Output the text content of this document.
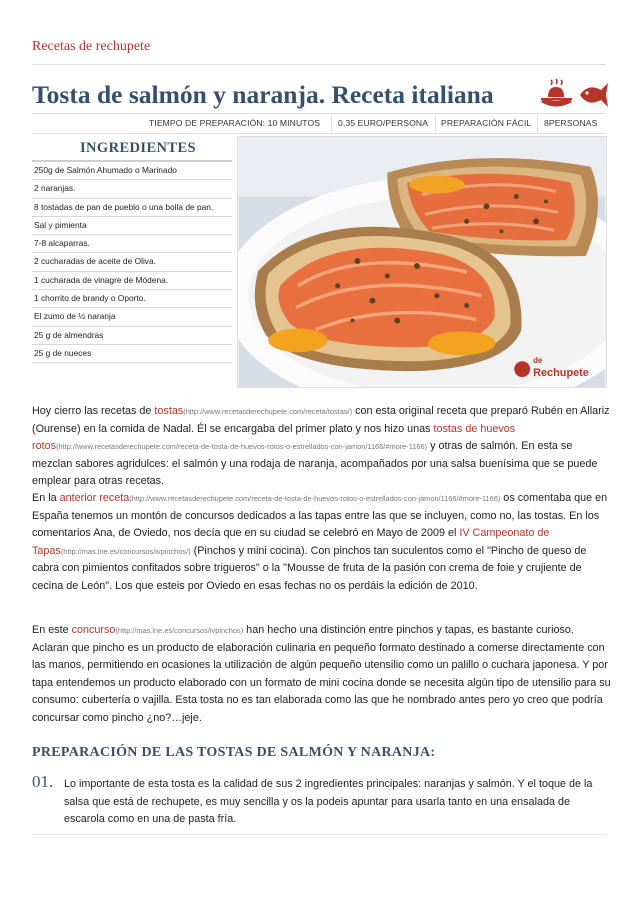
Recetas de rechupete
Tosta de salmón y naranja. Receta italiana
TIEMPO DE PREPARACIÓN: 10 MINUTOS 0,35 EURO/PERSONA PREPARACIÓN FÁCIL 8PERSONAS
INGREDIENTES
250g de Salmón Ahumado o Marinado
2 naranjas.
8 tostadas de pan de pueblo o una bolla de pan.
Sal y pimienta
7-8 alcaparras.
2 cucharadas de aceite de Oliva.
1 cucharada de vinagre de Módena.
1 chorrito de brandy o Oporto.
El zumo de ½ naranja
25 g de almendras
25 g de nueces
de
Rechupete

Hoy cierro las recetas de tostas(http://www.recetasderechupete.com/receta/tostas/) con esta original receta que preparó Rubén en Allariz (Ourense) en la comida de Nadal. Él se encargaba del primer plato y nos hizo unas tostas de huevos rotos(http://www.recetasderechupete.com/receta-de-tosta-de-huevos-rotos-o-estrellados-con-jamon/1166/#more-1166) y otras de salmón. En esta se mezclan sabores agridulces: el salmón y una rodaja de naranja, acompañados por una salsa buenísima que se puede emplear para otras recetas.

En la anterior receta(http://www.recetasderechupete.com/receta-de-tosta-de-huevos-rotos-o-estrellados-con-jamon/1166/#more-1166) os comentaba que en España tenemos un montón de concursos dedicados a las tapas entre las que se incluyen, como no, las tostas. En los comentarios Ana, de Oviedo, nos decía que en su ciudad se celebró en Mayo de 2009 el IV Campeonato de Tapas(http://mas.lne.es/concursos/ivpinchos/) (Pinchos y mini cocina). Con pinchos tan suculentos como el "Pincho de queso de cabra con pimientos confitados sobre trigueros" o la "Mousse de fruta de la pasión con crema de foie y crujiente de cecina de León". Los que esteis por Oviedo en esas fechas no os perdáis la edición de 2010.

En este concurso(http://mas.lne.es/concursos/ivpinchos) han hecho una distinción entre pinchos y tapas, es bastante curioso. Aclaran que pincho es un producto de elaboración culinaria en pequeño formato destinado a comerse directamente con las manos, permitiendo en ocasiones la utilización de algún pequeño utensilio como un palillo o cuchara japonesa. Y por tapa entendemos un producto elaborado con un formato de mini cocina donde se necesita algún tipo de utensilio para su consumo: cubertería o vajilla. Esta tosta no es tan elaborada como las que he nombrado antes pero yo creo que podría concursar como pincho ¿no?…jeje.

PREPARACIÓN DE LAS TOSTAS DE SALMÓN Y NARANJA:
01. Lo importante de esta tosta es la calidad de sus 2 ingredientes principales: naranjas y salmón. Y el toque de la salsa que está de rechupete, es muy sencilla y os la podeis apuntar para usarla tanto en una ensalada de escarola como en una de pasta fría.
